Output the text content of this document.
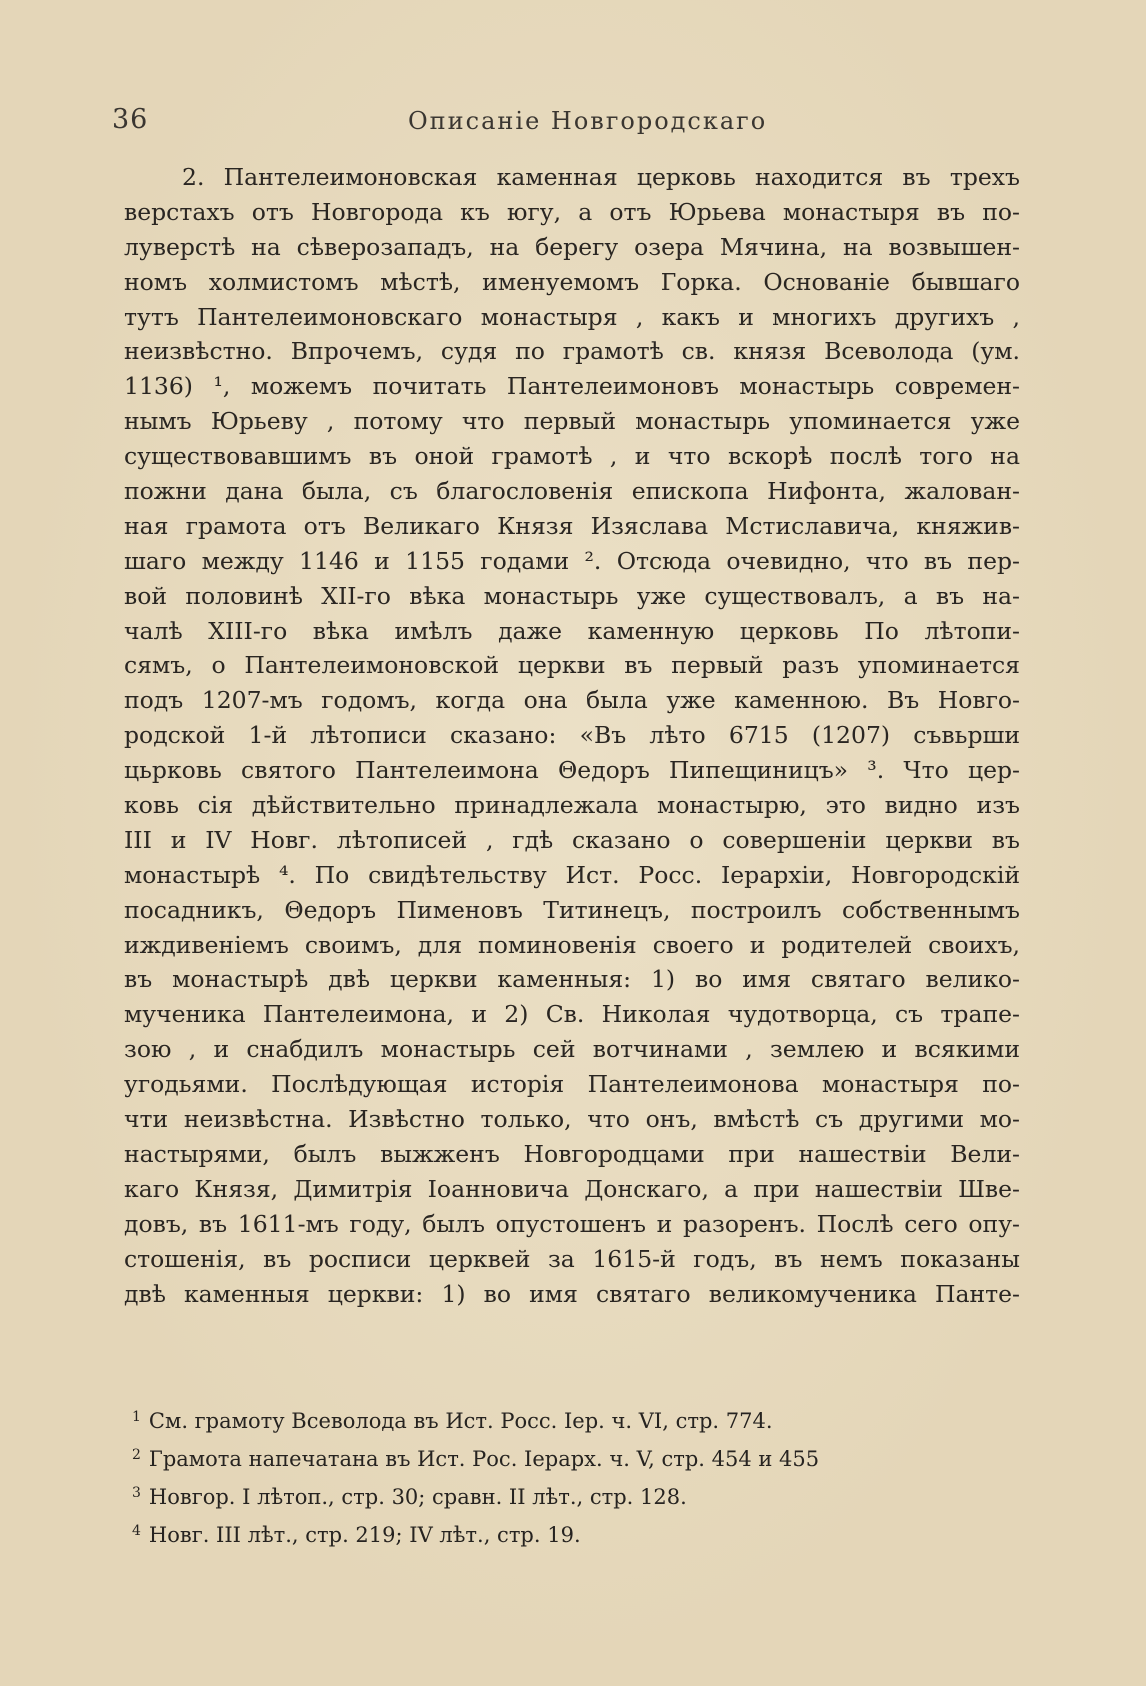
36	Описаніе Новгородскаго
2. Пантелеимоновская каменная церковь находится въ трехъ
верстахъ отъ Новгорода къ югу, а отъ Юрьева монастыря въ по-
луверстѣ на сѣверозападъ, на берегу озера Мячина, на возвышен-
номъ холмистомъ мѣстѣ, именуемомъ Горка. Основаніе бывшаго
тутъ Пантелеимоновскаго монастыря , какъ и многихъ другихъ ,
неизвѣстно. Впрочемъ, судя по грамотѣ св. князя Всеволода (ум.
1136) ¹, можемъ почитать Пантелеимоновъ монастырь современ-
нымъ Юрьеву , потому что первый монастырь упоминается уже
существовавшимъ въ оной грамотѣ , и что вскорѣ послѣ того на
пожни дана была, съ благословенія епископа Нифонта, жалован-
ная грамота отъ Великаго Князя Изяслава Мстиславича, княжив-
шаго между 1146 и 1155 годами ². Отсюда очевидно, что въ пер-
вой половинѣ XII-го вѣка монастырь уже существовалъ, а въ на-
чалѣ XIII-го вѣка имѣлъ даже каменную церковь По лѣтопи-
сямъ, о Пантелеимоновской церкви въ первый разъ упоминается
подъ 1207-мъ годомъ, когда она была уже каменною. Въ Новго-
родской 1-й лѣтописи сказано: «Въ лѣто 6715 (1207) съвьрши
цьрковь святого Пантелеимона Θедоръ Пипещиницъ» ³. Что цер-
ковь сія дѣйствительно принадлежала монастырю, это видно изъ
III и IV Новг. лѣтописей , гдѣ сказано о совершеніи церкви въ
монастырѣ ⁴. По свидѣтельству Ист. Росс. Іерархіи, Новгородскій
посадникъ, Θедоръ Пименовъ Титинецъ, построилъ собственнымъ
иждивеніемъ своимъ, для поминовенія своего и родителей своихъ,
въ монастырѣ двѣ церкви каменныя: 1) во имя святаго велико-
мученика Пантелеимона, и 2) Св. Николая чудотворца, съ трапе-
зою , и снабдилъ монастырь сей вотчинами , землею и всякими
угодьями. Послѣдующая исторія Пантелеимонова монастыря по-
чти неизвѣстна. Извѣстно только, что онъ, вмѣстѣ съ другими мо-
настырями, былъ выжженъ Новгородцами при нашествіи Вели-
каго Князя, Димитрія Іоанновича Донскаго, а при нашествіи Шве-
довъ, въ 1611-мъ году, былъ опустошенъ и разоренъ. Послѣ сего опу-
стошенія, въ росписи церквей за 1615-й годъ, въ немъ показаны
двѣ каменныя церкви: 1) во имя святаго великомученика Панте-
$^1$ См. грамоту Всеволода въ Ист. Росс. Іер. ч. VI, стр. 774.
$^2$ Грамота напечатана въ Ист. Рос. Іерарх. ч. V, стр. 454 и 455
$^3$ Новгор. I лѣтоп., стр. 30; сравн. II лѣт., стр. 128.
$^4$ Новг. III лѣт., стр. 219; IV лѣт., стр. 19.
